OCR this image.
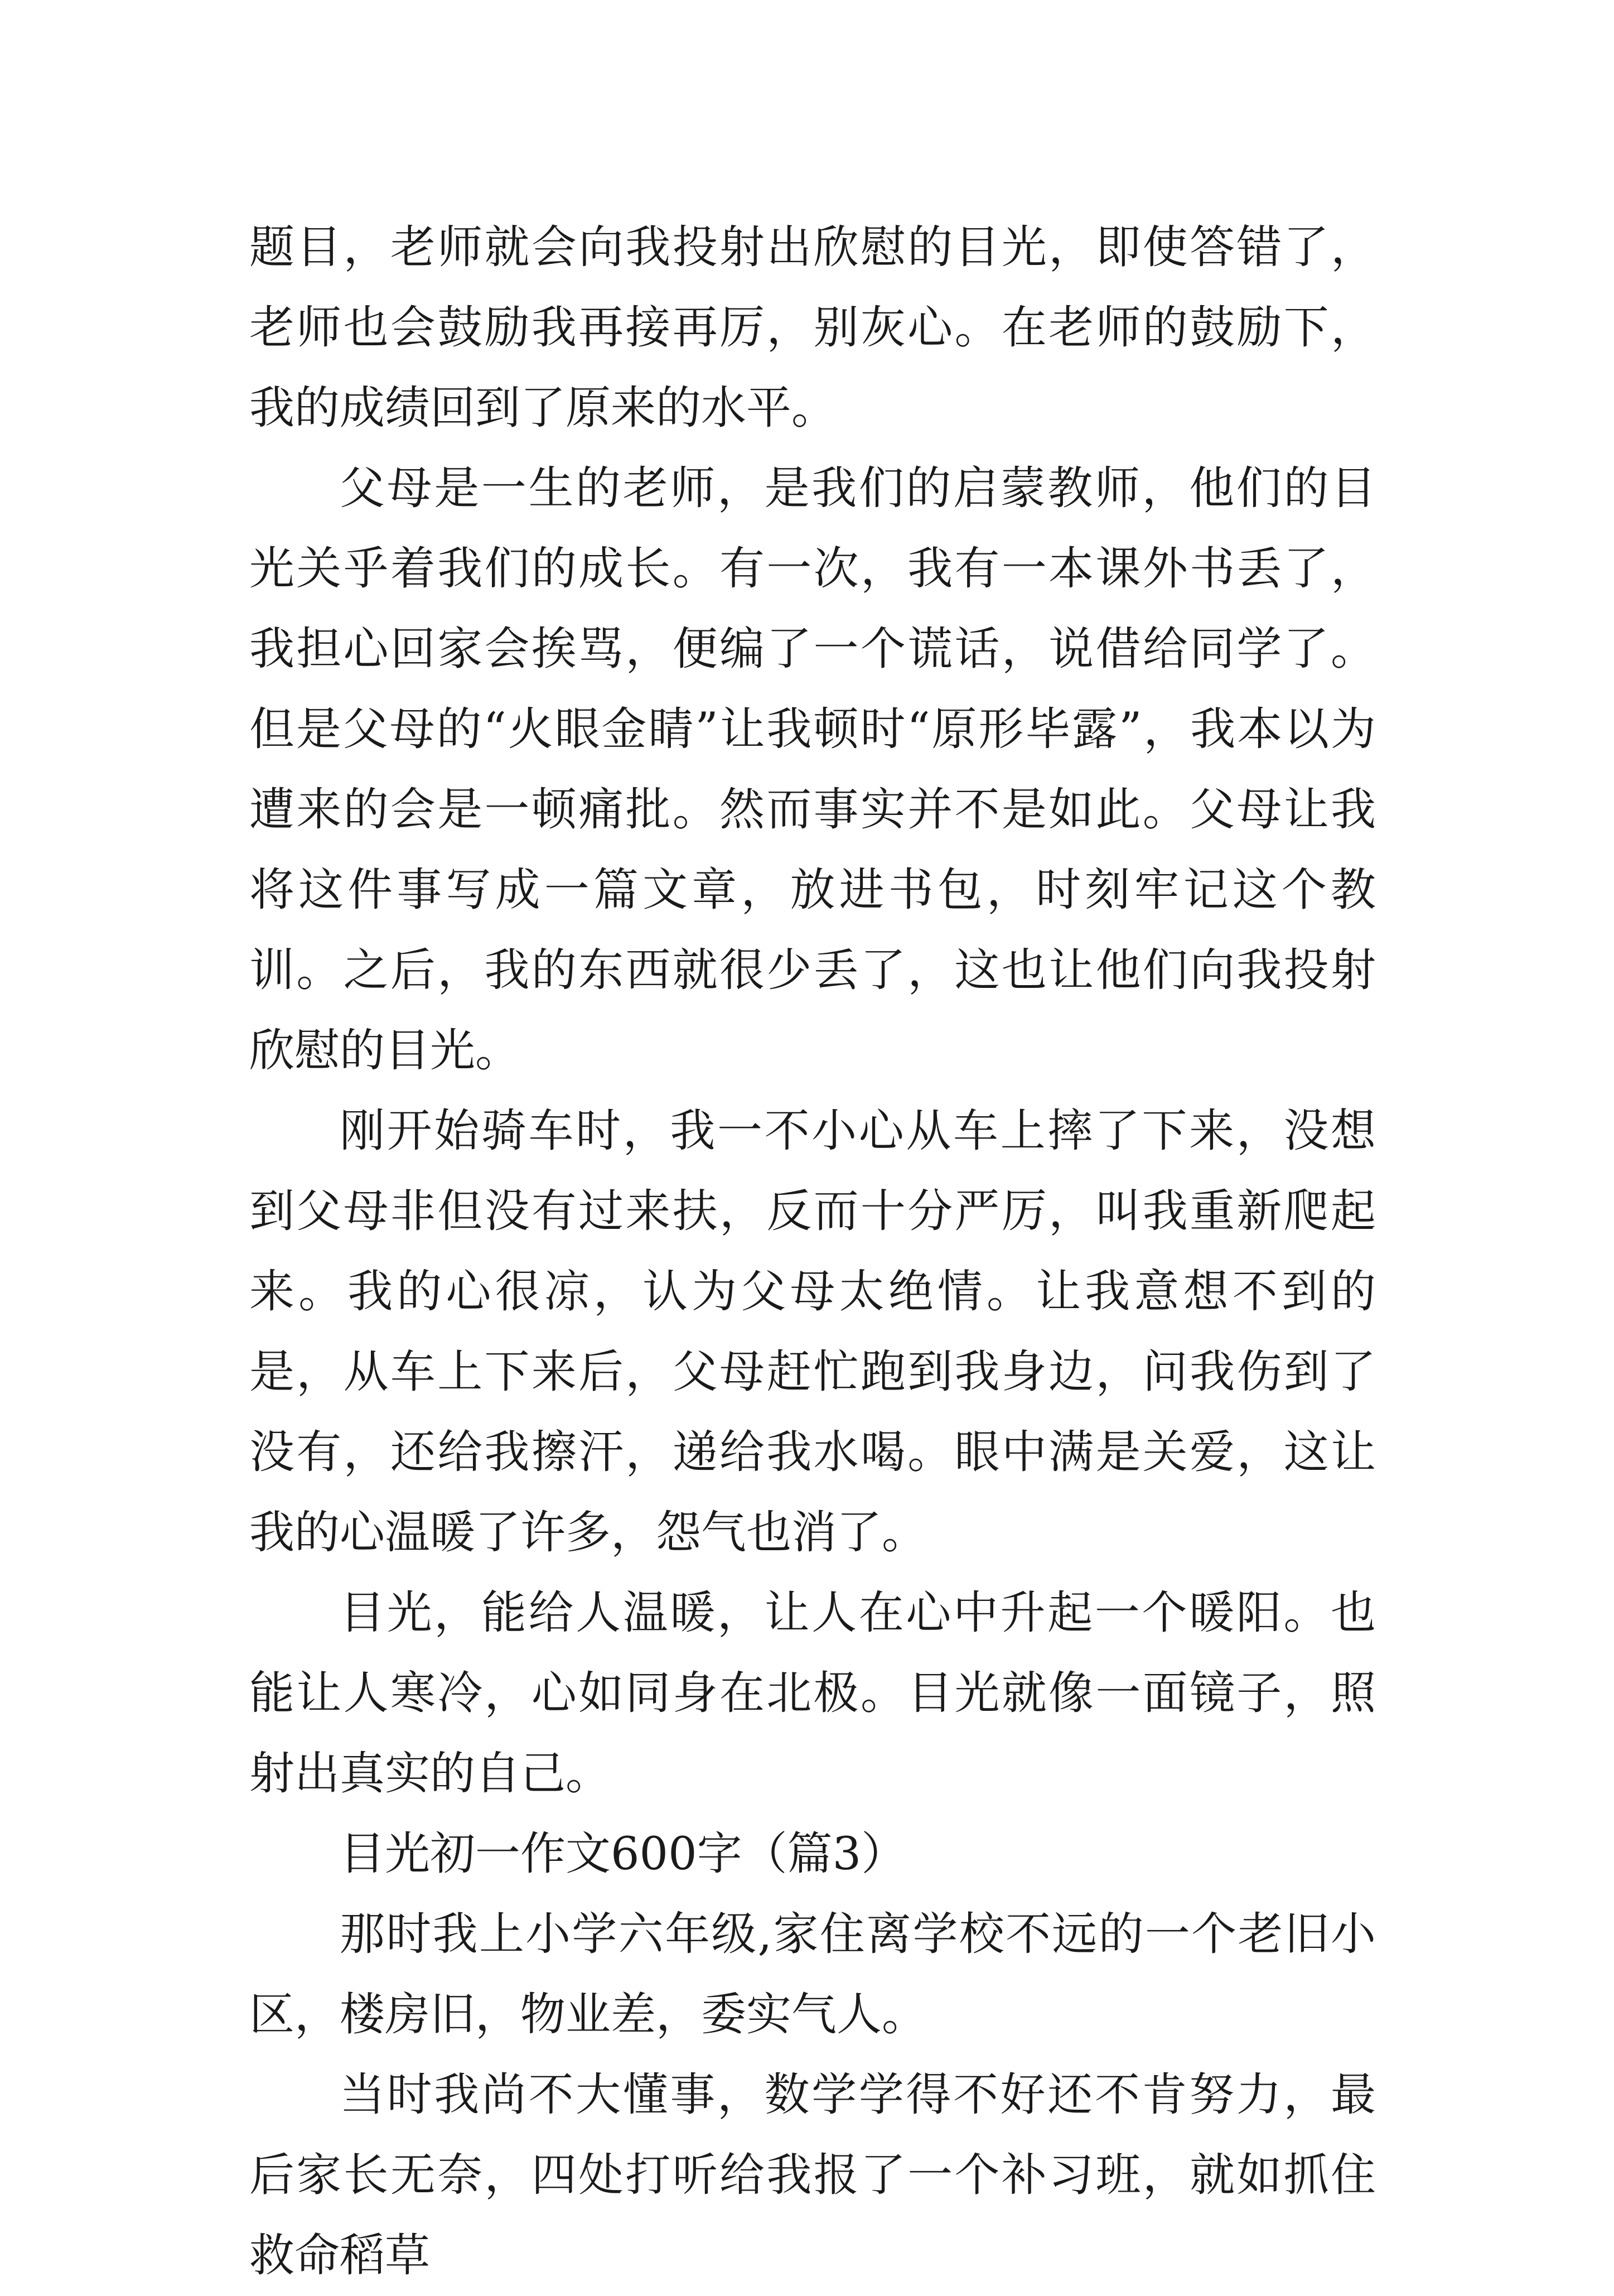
题目，老师就会向我投射出欣慰的目光，即使答错了，老师也会鼓励我再接再厉，别灰心。在老师的鼓励下，我的成绩回到了原来的水平。

父母是一生的老师，是我们的启蒙教师，他们的目光关乎着我们的成长。有一次，我有一本课外书丢了，我担心回家会挨骂，便编了一个谎话，说借给同学了。但是父母的“火眼金睛”让我顿时“原形毕露”，我本以为遭来的会是一顿痛批。然而事实并不是如此。父母让我将这件事写成一篇文章，放进书包，时刻牢记这个教训。之后，我的东西就很少丢了，这也让他们向我投射欣慰的目光。

刚开始骑车时，我一不小心从车上摔了下来，没想到父母非但没有过来扶，反而十分严厉，叫我重新爬起来。我的心很凉，认为父母太绝情。让我意想不到的是，从车上下来后，父母赶忙跑到我身边，问我伤到了没有，还给我擦汗，递给我水喝。眼中满是关爱，这让我的心温暖了许多，怨气也消了。

目光，能给人温暖，让人在心中升起一个暖阳。也能让人寒冷，心如同身在北极。目光就像一面镜子，照射出真实的自己。

目光初一作文600字（篇3）

那时我上小学六年级,家住离学校不远的一个老旧小区，楼房旧，物业差，委实气人。

当时我尚不大懂事，数学学得不好还不肯努力，最后家长无奈，四处打听给我报了一个补习班，就如抓住救命稻草
